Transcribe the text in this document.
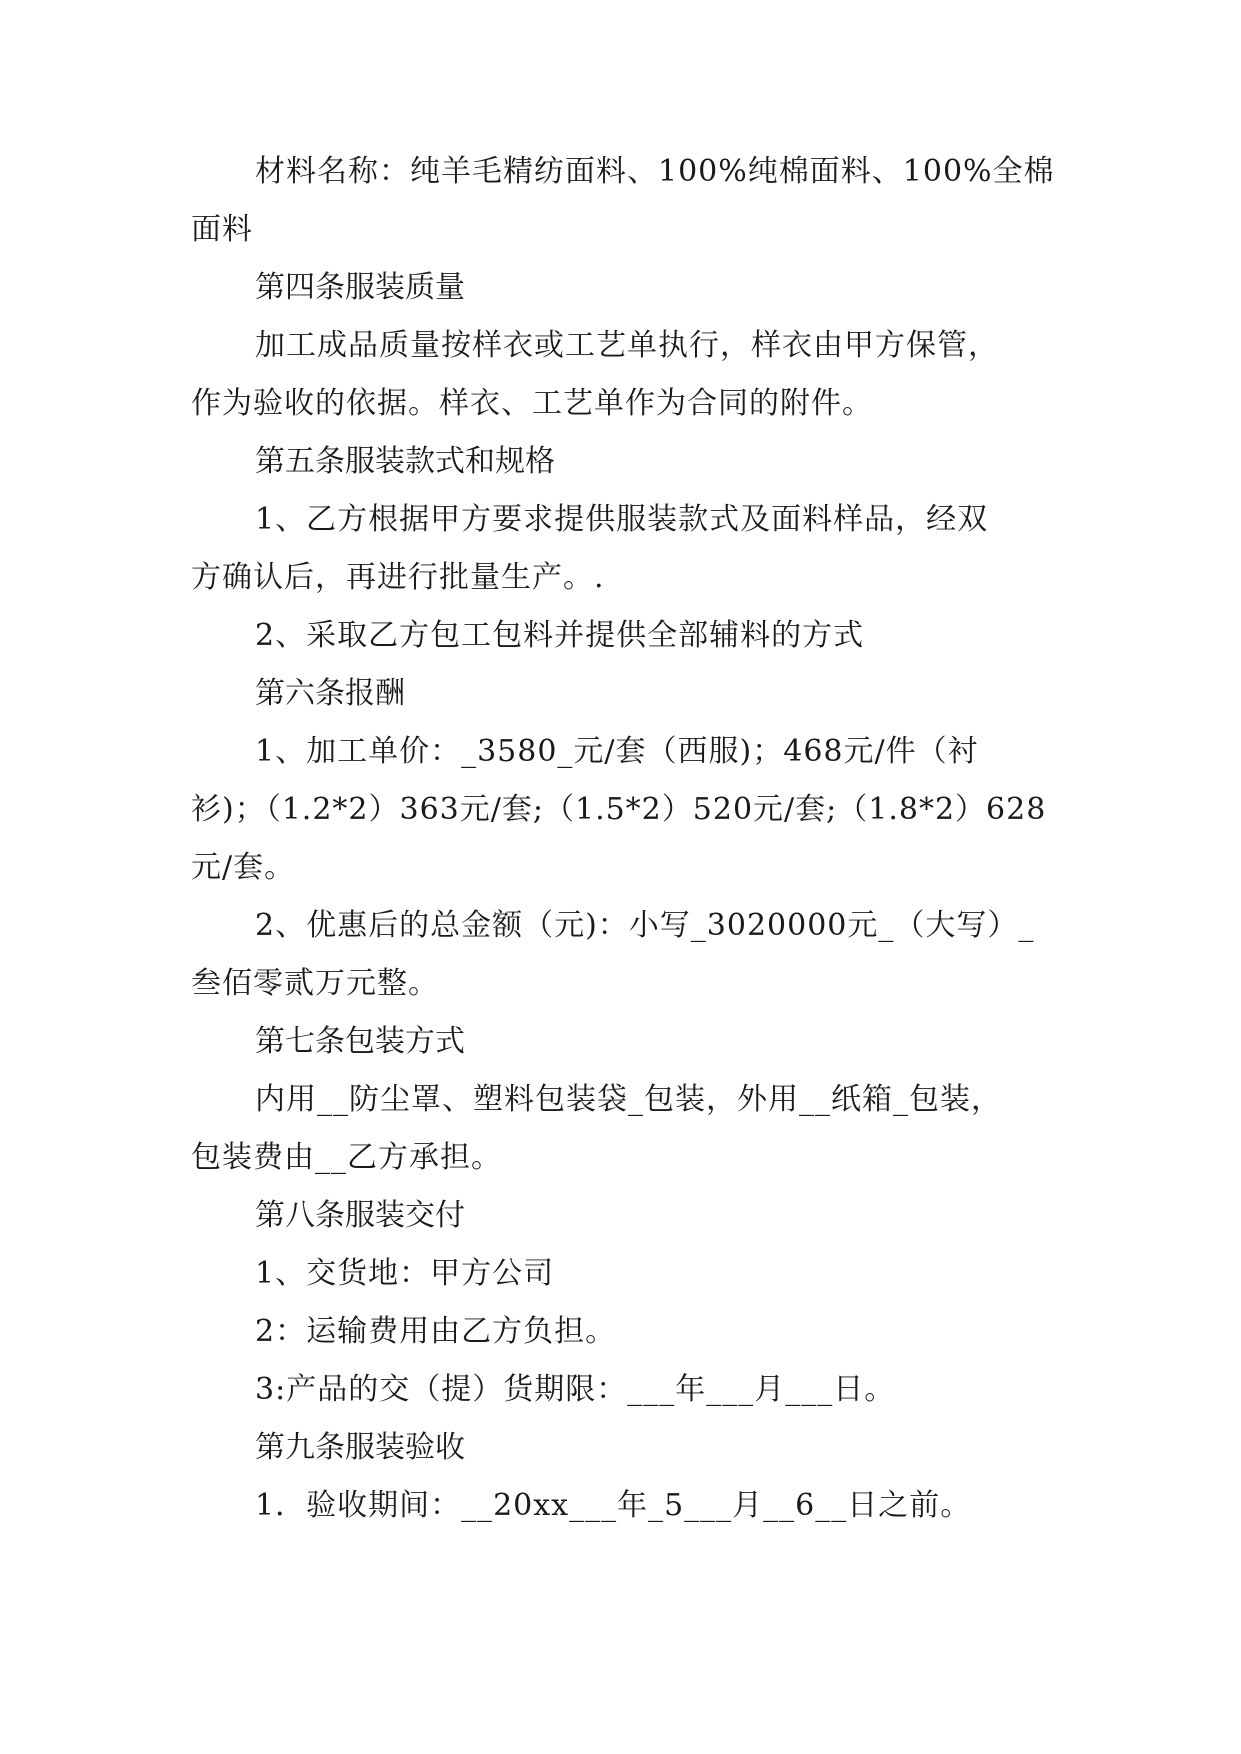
材料名称：纯羊毛精纺面料、100%纯棉面料、100%全棉

面料

第四条服装质量

加工成品质量按样衣或工艺单执行，样衣由甲方保管，

作为验收的依据。样衣、工艺单作为合同的附件。

第五条服装款式和规格

1、乙方根据甲方要求提供服装款式及面料样品，经双

方确认后，再进行批量生产。.

2、采取乙方包工包料并提供全部辅料的方式

第六条报酬

1、加工单价：_3580_元/套（西服)；468元/件（衬

衫)；（1.2*2）363元/套;（1.5*2）520元/套;（1.8*2）628

元/套。

2、优惠后的总金额（元)：小写_3020000元_（大写）_

叁佰零贰万元整。

第七条包装方式

内用__防尘罩、塑料包装袋_包装，外用__纸箱_包装，

包装费由__乙方承担。

第八条服装交付

1、交货地：甲方公司

2：运输费用由乙方负担。

3:产品的交（提）货期限：___年___月___日。

第九条服装验收

1．验收期间：__20xx___年_5___月__6__日之前。
